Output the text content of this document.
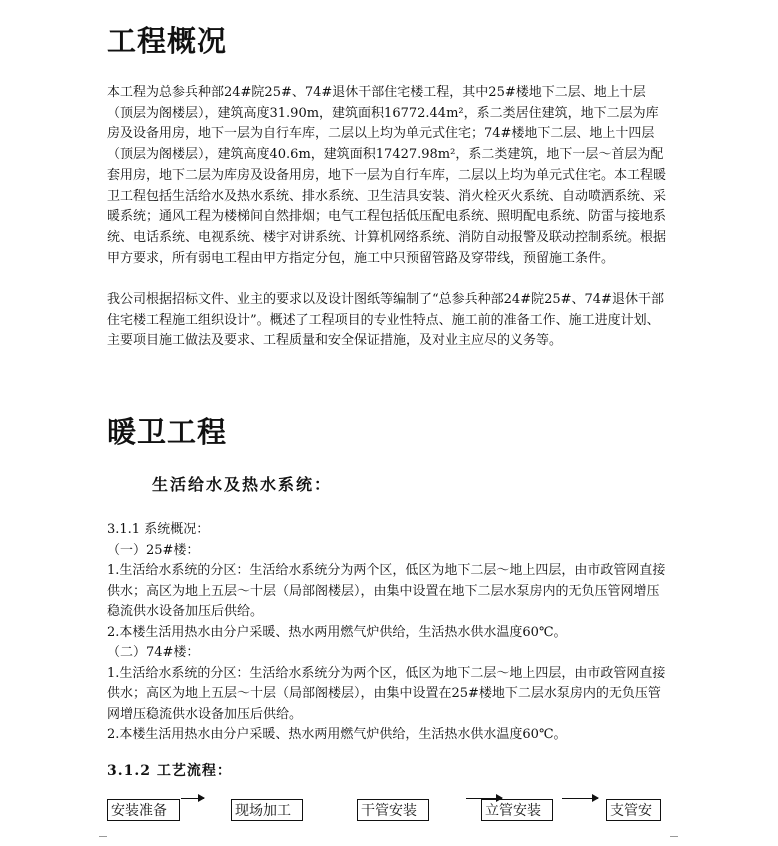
工程概况

本工程为总参兵种部24#院25#、74#退休干部住宅楼工程，其中25#楼地下二层、地上十层（顶层为阁楼层），建筑高度31.90m，建筑面积16772.44m²，系二类居住建筑，地下二层为库房及设备用房，地下一层为自行车库，二层以上均为单元式住宅；74#楼地下二层、地上十四层（顶层为阁楼层），建筑高度40.6m，建筑面积17427.98m²，系二类建筑，地下一层～首层为配套用房，地下二层为库房及设备用房，地下一层为自行车库，二层以上均为单元式住宅。本工程暖卫工程包括生活给水及热水系统、排水系统、卫生洁具安装、消火栓灭火系统、自动喷洒系统、采暖系统；通风工程为楼梯间自然排烟；电气工程包括低压配电系统、照明配电系统、防雷与接地系统、电话系统、电视系统、楼宇对讲系统、计算机网络系统、消防自动报警及联动控制系统。根据甲方要求，所有弱电工程由甲方指定分包，施工中只预留管路及穿带线，预留施工条件。

我公司根据招标文件、业主的要求以及设计图纸等编制了“总参兵种部24#院25#、74#退休干部住宅楼工程施工组织设计”。概述了工程项目的专业性特点、施工前的准备工作、施工进度计划、主要项目施工做法及要求、工程质量和安全保证措施，及对业主应尽的义务等。

暖卫工程
生活给水及热水系统：
3.1.1 系统概况：
（一）25#楼：
1.生活给水系统的分区：生活给水系统分为两个区，低区为地下二层～地上四层，由市政管网直接供水；高区为地上五层～十层（局部阁楼层），由集中设置在地下二层水泵房内的无负压管网增压稳流供水设备加压后供给。
2.本楼生活用热水由分户采暖、热水两用燃气炉供给，生活热水供水温度60℃。
（二）74#楼：
1.生活给水系统的分区：生活给水系统分为两个区，低区为地下二层～地上四层，由市政管网直接供水；高区为地上五层～十层（局部阁楼层），由集中设置在25#楼地下二层水泵房内的无负压管网增压稳流供水设备加压后供给。
2.本楼生活用热水由分户采暖、热水两用燃气炉供给，生活热水供水温度60℃。
3.1.2 工艺流程：
安装准备	现场加工	干管安装	立管安装	支管安
